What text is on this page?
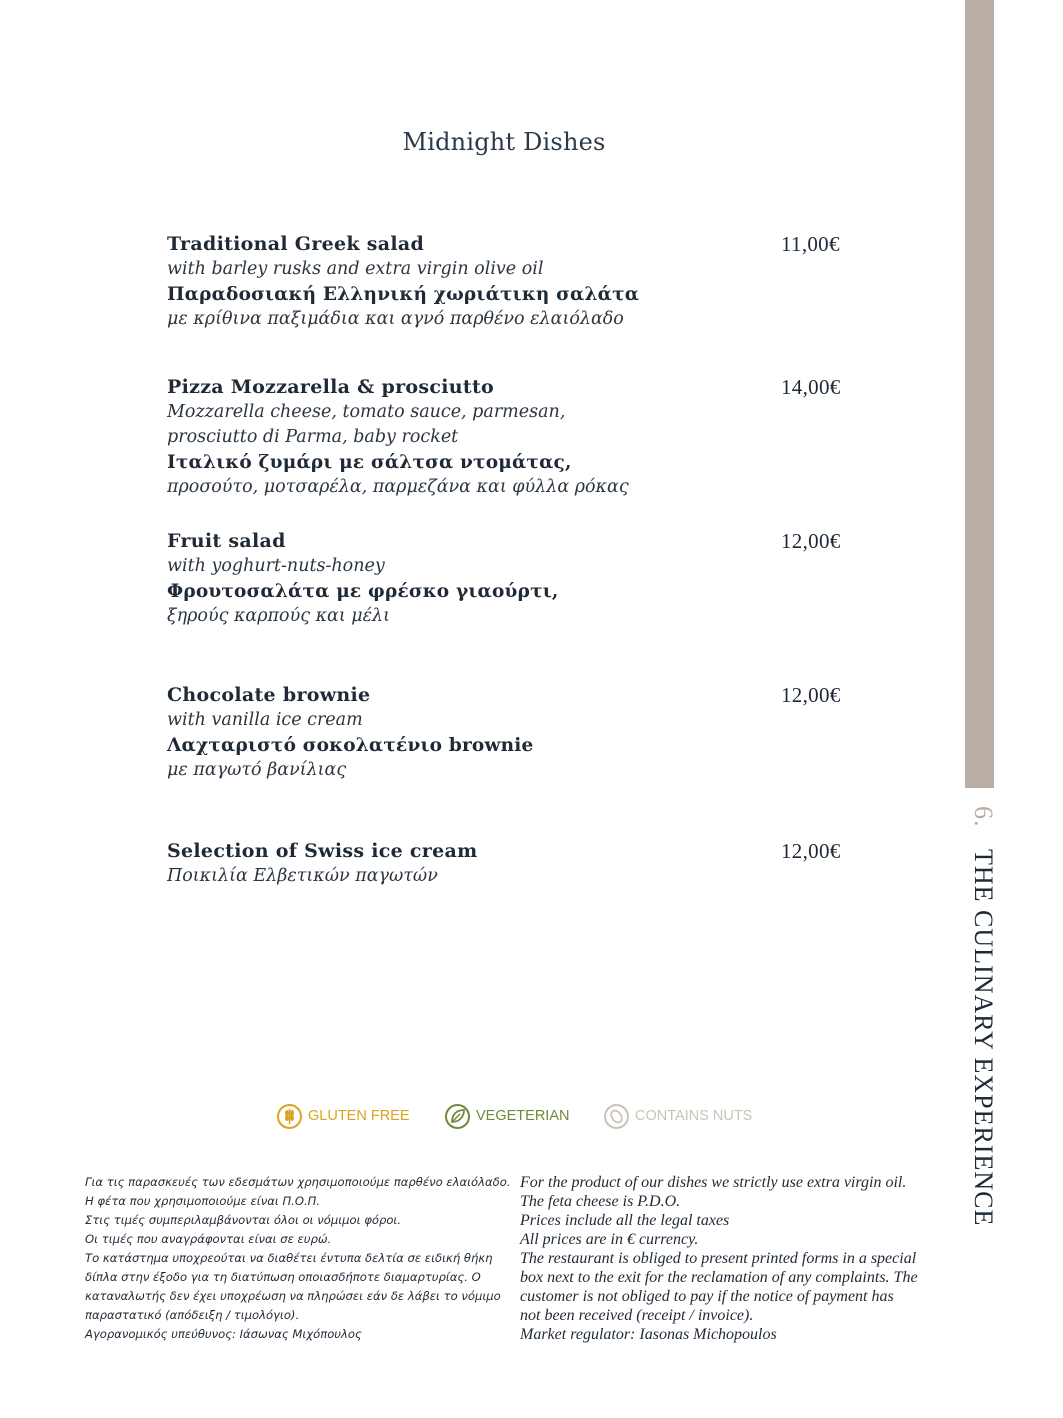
6. THE CULINARY EXPERIENCE
Midnight Dishes
Traditional Greek salad
with barley rusks and extra virgin olive oil
Παραδοσιακή Ελληνική χωριάτικη σαλάτα
με κρίθινα παξιμάδια και αγνό παρθένο ελαιόλαδο
11,00€
Pizza Mozzarella & prosciutto
Mozzarella cheese, tomato sauce, parmesan,
prosciutto di Parma, baby rocket
Ιταλικό ζυμάρι με σάλτσα ντομάτας,
προσούτο, μοτσαρέλα, παρμεζάνα και φύλλα ρόκας
14,00€
Fruit salad
with yoghurt-nuts-honey
Φρουτοσαλάτα με φρέσκο γιαούρτι,
ξηρούς καρπούς και μέλι
12,00€
Chocolate brownie
with vanilla ice cream
Λαχταριστό σοκολατένιο brownie
με παγωτό βανίλιας
12,00€
Selection of Swiss ice cream
Ποικιλία Ελβετικών παγωτών
12,00€
GLUTEN FREE	VEGETERIAN	CONTAINS NUTS
Για τις παρασκευές των εδεσμάτων χρησιμοποιούμε παρθένο ελαιόλαδο.
Η φέτα που χρησιμοποιούμε είναι Π.Ο.Π.
Στις τιμές συμπεριλαμβάνονται όλοι οι νόμιμοι φόροι.
Οι τιμές που αναγράφονται είναι σε ευρώ.
Το κατάστημα υποχρεούται να διαθέτει έντυπα δελτία σε ειδική θήκη
δίπλα στην έξοδο για τη διατύπωση οποιασδήποτε διαμαρτυρίας. Ο
καταναλωτής δεν έχει υποχρέωση να πληρώσει εάν δε λάβει το νόμιμο
παραστατικό (απόδειξη / τιμολόγιο).
Αγορανομικός υπεύθυνος: Ιάσωνας Μιχόπουλος
For the product of our dishes we strictly use extra virgin oil.
The feta cheese is P.D.O.
Prices include all the legal taxes
All prices are in € currency.
The restaurant is obliged to present printed forms in a special
box next to the exit for the reclamation of any complaints. The
customer is not obliged to pay if the notice of payment has
not been received (receipt / invoice).
Market regulator: Iasonas Michopoulos
